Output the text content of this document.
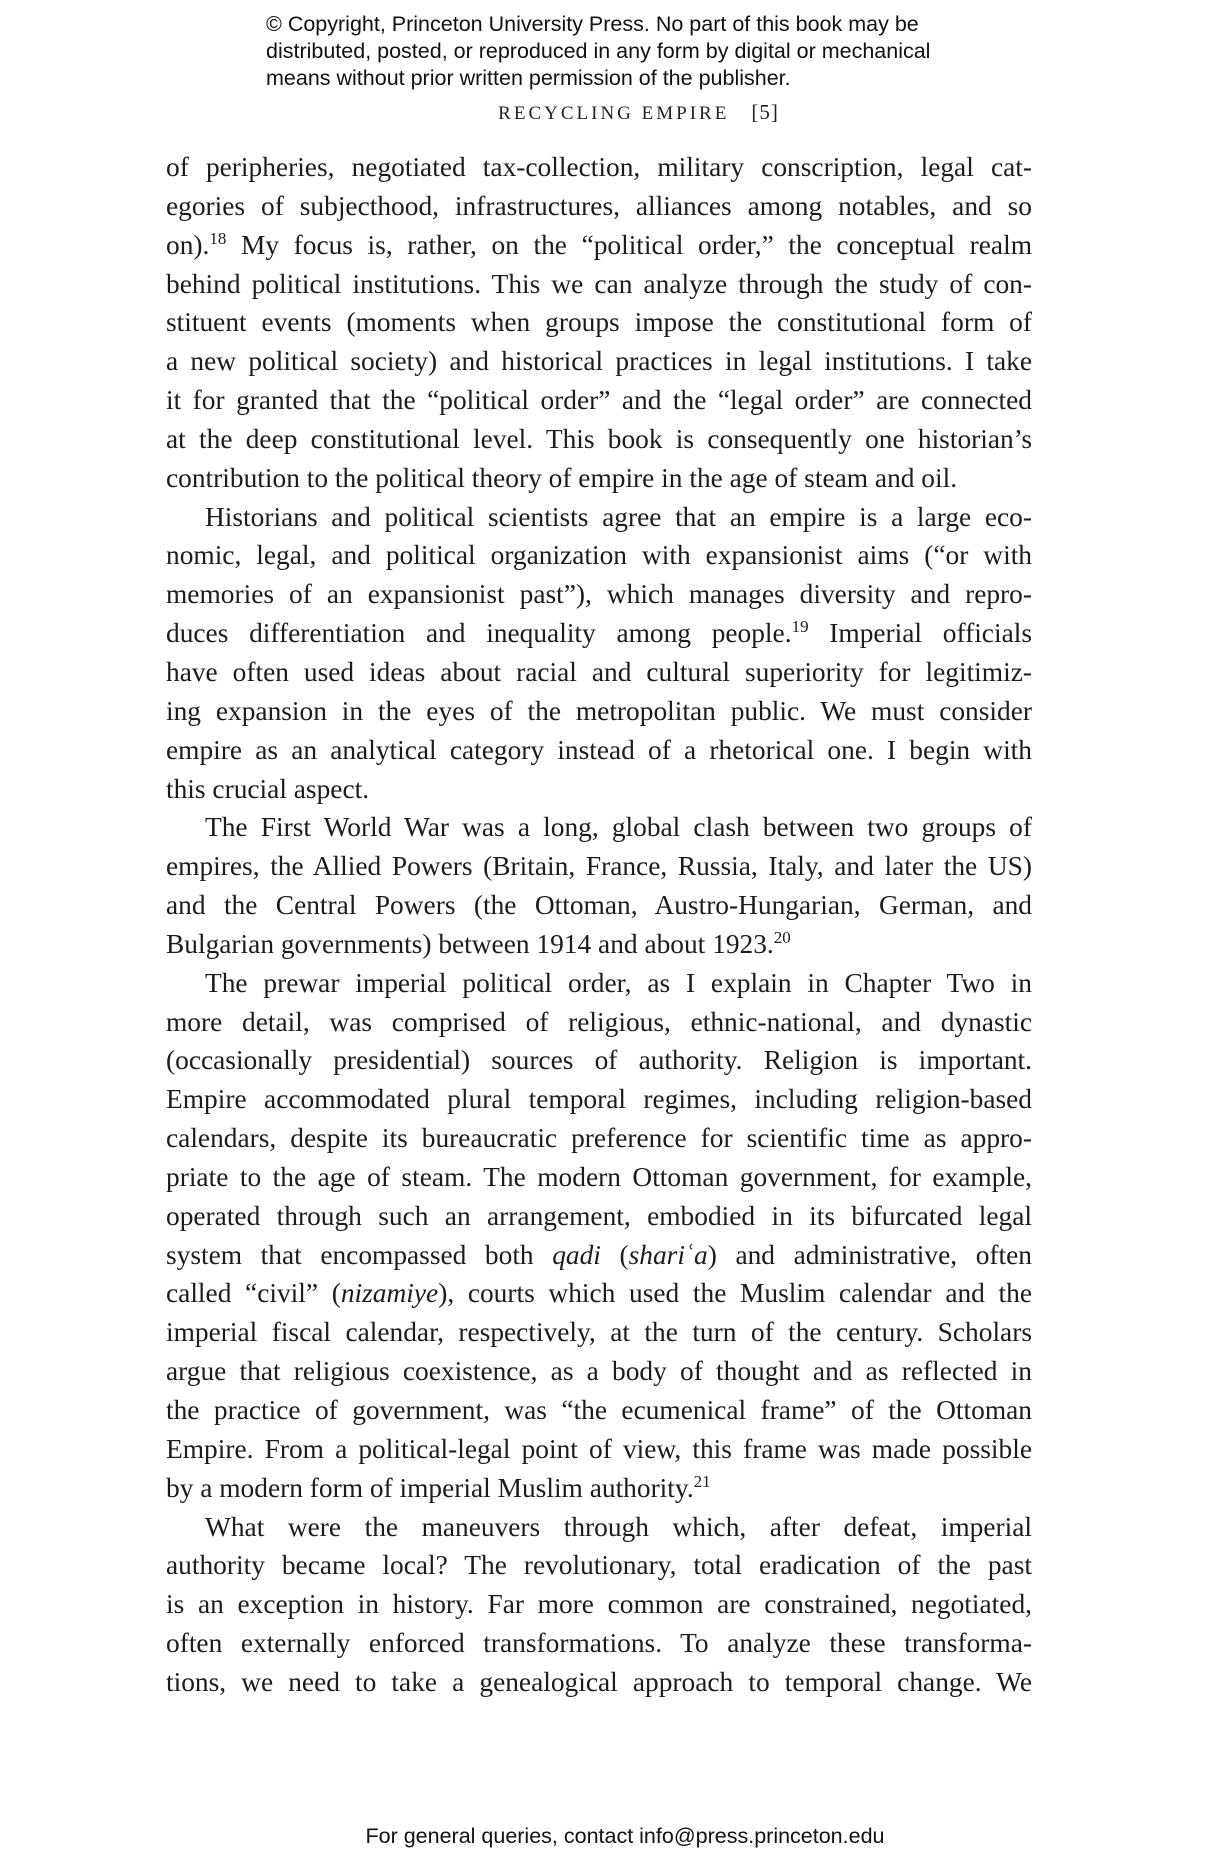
© Copyright, Princeton University Press. No part of this book may be
distributed, posted, or reproduced in any form by digital or mechanical
means without prior written permission of the publisher.
RECYCLING EMPIRE [5]
of peripheries, negotiated tax-collection, military conscription, legal cat-
egories of subjecthood, infrastructures, alliances among notables, and so
on).$^{18}$ My focus is, rather, on the “political order,” the conceptual realm
behind political institutions. This we can analyze through the study of con-
stituent events (moments when groups impose the constitutional form of
a new political society) and historical practices in legal institutions. I take
it for granted that the “political order” and the “legal order” are connected
at the deep constitutional level. This book is consequently one historian’s
contribution to the political theory of empire in the age of steam and oil.
Historians and political scientists agree that an empire is a large eco-
nomic, legal, and political organization with expansionist aims (“or with
memories of an expansionist past”), which manages diversity and repro-
duces differentiation and inequality among people.$^{19}$ Imperial officials
have often used ideas about racial and cultural superiority for legitimiz-
ing expansion in the eyes of the metropolitan public. We must consider
empire as an analytical category instead of a rhetorical one. I begin with
this crucial aspect.
The First World War was a long, global clash between two groups of
empires, the Allied Powers (Britain, France, Russia, Italy, and later the US)
and the Central Powers (the Ottoman, Austro-Hungarian, German, and
Bulgarian governments) between 1914 and about 1923.20
The prewar imperial political order, as I explain in Chapter Two in
more detail, was comprised of religious, ethnic-national, and dynastic
(occasionally presidential) sources of authority. Religion is important.
Empire accommodated plural temporal regimes, including religion-based
calendars, despite its bureaucratic preference for scientific time as appro-
priate to the age of steam. The modern Ottoman government, for example,
operated through such an arrangement, embodied in its bifurcated legal
system that encompassed both qadi (shariʿa) and administrative, often
called “civil” (nizamiye), courts which used the Muslim calendar and the
imperial fiscal calendar, respectively, at the turn of the century. Scholars
argue that religious coexistence, as a body of thought and as reflected in
the practice of government, was “the ecumenical frame” of the Ottoman
Empire. From a political-legal point of view, this frame was made possible
by a modern form of imperial Muslim authority.$^{21}$
What were the maneuvers through which, after defeat, imperial
authority became local? The revolutionary, total eradication of the past
is an exception in history. Far more common are constrained, negotiated,
often externally enforced transformations. To analyze these transforma-
tions, we need to take a genealogical approach to temporal change. We
For general queries, contact info@press.princeton.edu
